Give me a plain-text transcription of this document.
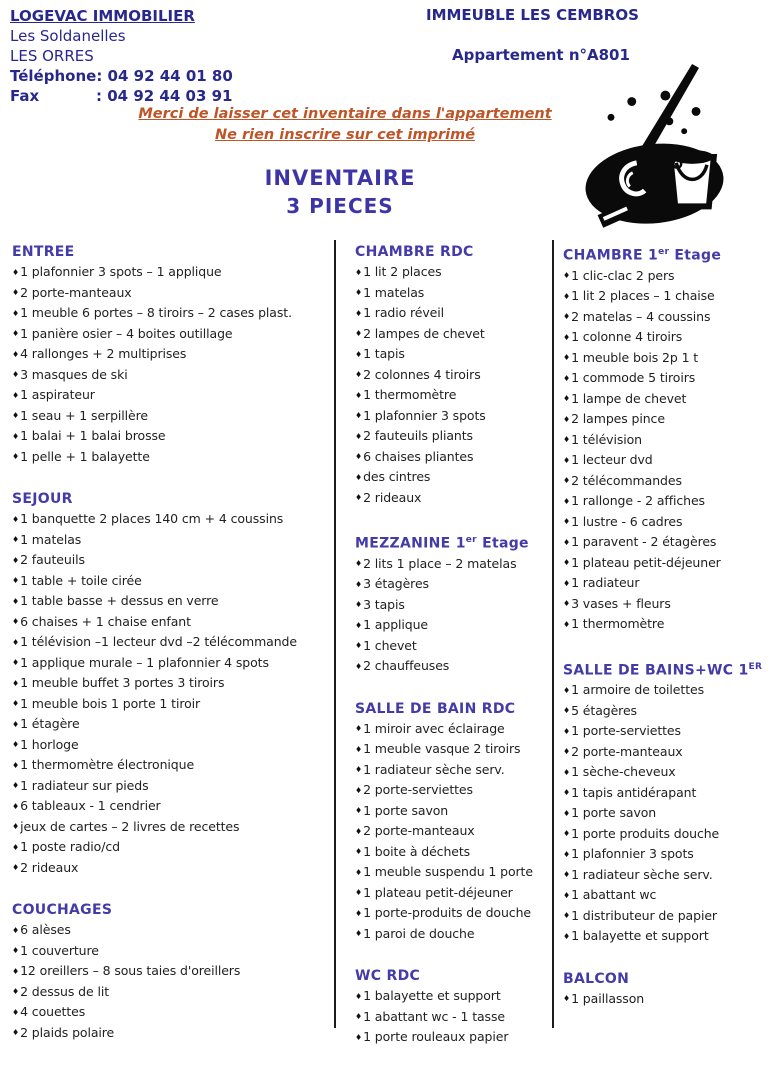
LOGEVAC IMMOBILIER
Les Soldanelles
LES ORRES
Téléphone: 04 92 44 01 80
Fax	: 04 92 44 03 91
IMMEUBLE LES CEMBROS
Appartement n°A801
Merci de laisser cet inventaire dans l'appartement
Ne rien inscrire sur cet imprimé
INVENTAIRE
3 PIECES
ENTREE
♦1 plafonnier 3 spots – 1 applique
♦2 porte-manteaux
♦1 meuble 6 portes – 8 tiroirs – 2 cases plast.
♦1 panière osier – 4 boites outillage
♦4 rallonges + 2 multiprises
♦3 masques de ski
♦1 aspirateur
♦1 seau + 1 serpillère
♦1 balai + 1 balai brosse
♦1 pelle + 1 balayette
SEJOUR
♦1 banquette 2 places 140 cm + 4 coussins
♦1 matelas
♦2 fauteuils
♦1 table + toile cirée
♦1 table basse + dessus en verre
♦6 chaises + 1 chaise enfant
♦1 télévision –1 lecteur dvd –2 télécommande
♦1 applique murale – 1 plafonnier 4 spots
♦1 meuble buffet 3 portes 3 tiroirs
♦1 meuble bois 1 porte 1 tiroir
♦1 étagère
♦1 horloge
♦1 thermomètre électronique
♦1 radiateur sur pieds
♦6 tableaux - 1 cendrier
♦jeux de cartes – 2 livres de recettes
♦1 poste radio/cd
♦2 rideaux
COUCHAGES
♦6 alèses
♦1 couverture
♦12 oreillers – 8 sous taies d'oreillers
♦2 dessus de lit
♦4 couettes
♦2 plaids polaire
CHAMBRE RDC
♦1 lit 2 places
♦1 matelas
♦1 radio réveil
♦2 lampes de chevet
♦1 tapis
♦2 colonnes 4 tiroirs
♦1 thermomètre
♦1 plafonnier 3 spots
♦2 fauteuils pliants
♦6 chaises pliantes
♦des cintres
♦2 rideaux
MEZZANINE 1er Etage
♦2 lits 1 place – 2 matelas
♦3 étagères
♦3 tapis
♦1 applique
♦1 chevet
♦2 chauffeuses
SALLE DE BAIN RDC
♦1 miroir avec éclairage
♦1 meuble vasque 2 tiroirs
♦1 radiateur sèche serv.
♦2 porte-serviettes
♦1 porte savon
♦2 porte-manteaux
♦1 boite à déchets
♦1 meuble suspendu 1 porte
♦1 plateau petit-déjeuner
♦1 porte-produits de douche
♦1 paroi de douche
WC RDC
♦1 balayette et support
♦1 abattant wc - 1 tasse
♦1 porte rouleaux papier
CHAMBRE 1er Etage
♦1 clic-clac 2 pers
♦1 lit 2 places – 1 chaise
♦2 matelas – 4 coussins
♦1 colonne 4 tiroirs
♦1 meuble bois 2p 1 t
♦1 commode 5 tiroirs
♦1 lampe de chevet
♦2 lampes pince
♦1 télévision
♦1 lecteur dvd
♦2 télécommandes
♦1 rallonge - 2 affiches
♦1 lustre - 6 cadres
♦1 paravent - 2 étagères
♦1 plateau petit-déjeuner
♦1 radiateur
♦3 vases + fleurs
♦1 thermomètre
SALLE DE BAINS+WC 1ER
♦1 armoire de toilettes
♦5 étagères
♦1 porte-serviettes
♦2 porte-manteaux
♦1 sèche-cheveux
♦1 tapis antidérapant
♦1 porte savon
♦1 porte produits douche
♦1 plafonnier 3 spots
♦1 radiateur sèche serv.
♦1 abattant wc
♦1 distributeur de papier
♦1 balayette et support
BALCON
♦1 paillasson
